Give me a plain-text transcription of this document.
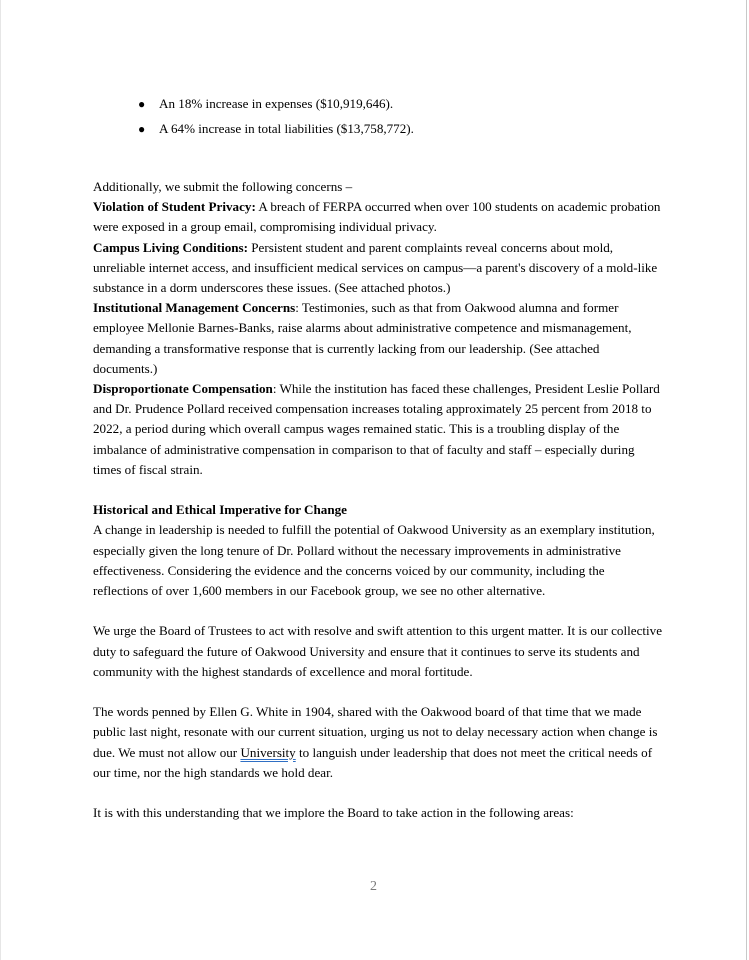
● An 18% increase in expenses ($10,919,646).
● A 64% increase in total liabilities ($13,758,772).

Additionally, we submit the following concerns –

Violation of Student Privacy: A breach of FERPA occurred when over 100 students on academic probation were exposed in a group email, compromising individual privacy.

Campus Living Conditions: Persistent student and parent complaints reveal concerns about mold, unreliable internet access, and insufficient medical services on campus—a parent's discovery of a mold-like substance in a dorm underscores these issues. (See attached photos.)

Institutional Management Concerns: Testimonies, such as that from Oakwood alumna and former employee Mellonie Barnes-Banks, raise alarms about administrative competence and mismanagement, demanding a transformative response that is currently lacking from our leadership. (See attached documents.)

Disproportionate Compensation: While the institution has faced these challenges, President Leslie Pollard and Dr. Prudence Pollard received compensation increases totaling approximately 25 percent from 2018 to 2022, a period during which overall campus wages remained static. This is a troubling display of the imbalance of administrative compensation in comparison to that of faculty and staff – especially during times of fiscal strain.

Historical and Ethical Imperative for Change

A change in leadership is needed to fulfill the potential of Oakwood University as an exemplary institution, especially given the long tenure of Dr. Pollard without the necessary improvements in administrative effectiveness. Considering the evidence and the concerns voiced by our community, including the reflections of over 1,600 members in our Facebook group, we see no other alternative.

We urge the Board of Trustees to act with resolve and swift attention to this urgent matter. It is our collective duty to safeguard the future of Oakwood University and ensure that it continues to serve its students and community with the highest standards of excellence and moral fortitude.

The words penned by Ellen G. White in 1904, shared with the Oakwood board of that time that we made public last night, resonate with our current situation, urging us not to delay necessary action when change is due. We must not allow our University to languish under leadership that does not meet the critical needs of our time, nor the high standards we hold dear.

It is with this understanding that we implore the Board to take action in the following areas:

2
